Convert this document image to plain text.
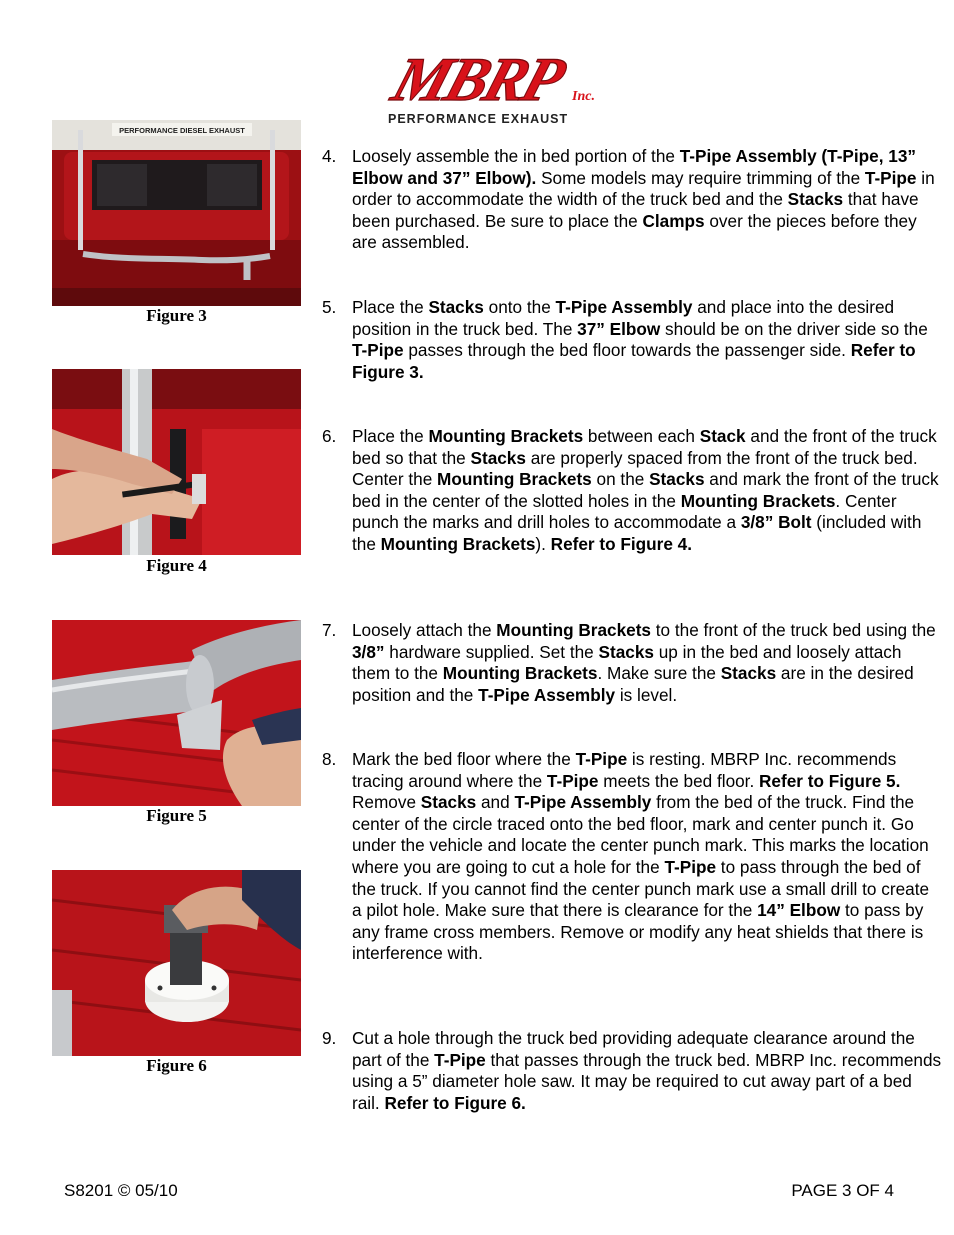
MBRP Inc.
PERFORMANCE EXHAUST
PERFORMANCE DIESEL EXHAUST
Figure 3
Figure 4
Figure 5
Figure 6
4. Loosely assemble the in bed portion of the T-Pipe Assembly (T-Pipe, 13” Elbow and 37” Elbow). Some models may require trimming of the T-Pipe in order to accommodate the width of the truck bed and the Stacks that have been purchased. Be sure to place the Clamps over the pieces before they are assembled.
5. Place the Stacks onto the T-Pipe Assembly and place into the desired position in the truck bed. The 37” Elbow should be on the driver side so the T-Pipe passes through the bed floor towards the passenger side. Refer to Figure 3.
6. Place the Mounting Brackets between each Stack and the front of the truck bed so that the Stacks are properly spaced from the front of the truck bed. Center the Mounting Brackets on the Stacks and mark the front of the truck bed in the center of the slotted holes in the Mounting Brackets. Center punch the marks and drill holes to accommodate a 3/8” Bolt (included with the Mounting Brackets). Refer to Figure 4.
7. Loosely attach the Mounting Brackets to the front of the truck bed using the 3/8” hardware supplied. Set the Stacks up in the bed and loosely attach them to the Mounting Brackets. Make sure the Stacks are in the desired position and the T-Pipe Assembly is level.
8. Mark the bed floor where the T-Pipe is resting. MBRP Inc. recommends tracing around where the T-Pipe meets the bed floor. Refer to Figure 5. Remove Stacks and T-Pipe Assembly from the bed of the truck. Find the center of the circle traced onto the bed floor, mark and center punch it. Go under the vehicle and locate the center punch mark. This marks the location where you are going to cut a hole for the T-Pipe to pass through the bed of the truck. If you cannot find the center punch mark use a small drill to create a pilot hole. Make sure that there is clearance for the 14” Elbow to pass by any frame cross members. Remove or modify any heat shields that there is interference with.
9. Cut a hole through the truck bed providing adequate clearance around the part of the T-Pipe that passes through the truck bed. MBRP Inc. recommends using a 5” diameter hole saw. It may be required to cut away part of a bed rail. Refer to Figure 6.
S8201 © 05/10	PAGE 3 OF 4
